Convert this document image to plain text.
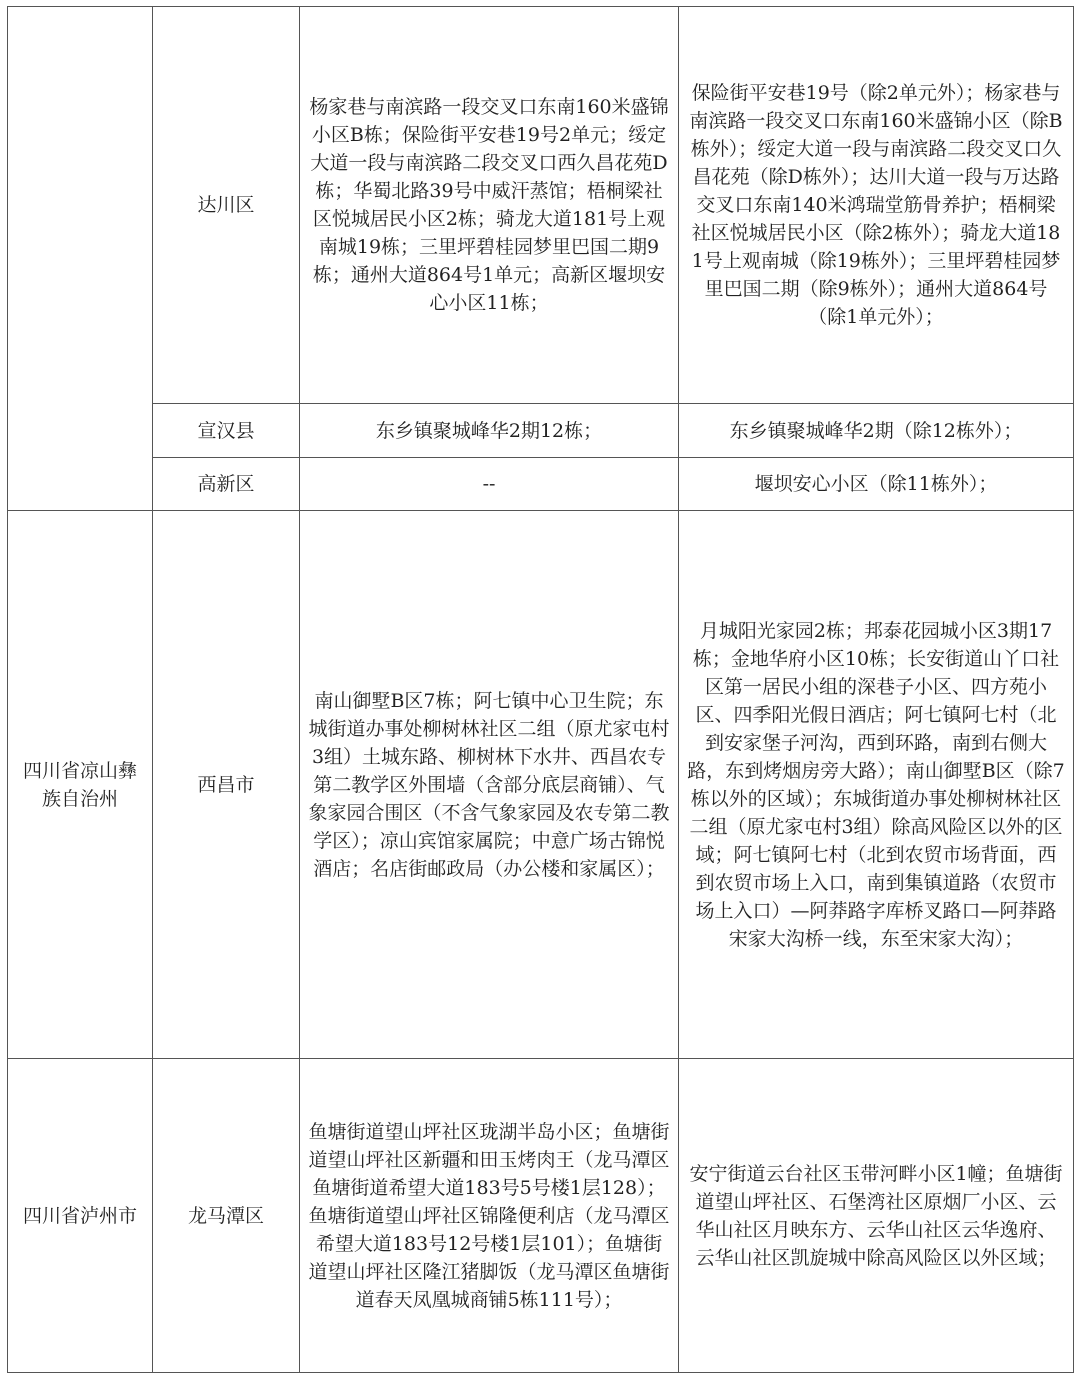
	达川区	杨家巷与南滨路一段交叉口东南160米盛锦小区B栋；保险街平安巷19号2单元；绥定大道一段与南滨路二段交叉口西久昌花苑D栋；华蜀北路39号中威汗蒸馆；梧桐梁社区悦城居民小区2栋；骑龙大道181号上观南城19栋；三里坪碧桂园梦里巴国二期9栋；通州大道864号1单元；高新区堰坝安心小区11栋；	保险街平安巷19号（除2单元外）；杨家巷与南滨路一段交叉口东南160米盛锦小区（除B栋外）；绥定大道一段与南滨路二段交叉口久昌花苑（除D栋外）；达川大道一段与万达路交叉口东南140米鸿瑞堂筋骨养护；梧桐梁社区悦城居民小区（除2栋外）；骑龙大道181号上观南城（除19栋外）；三里坪碧桂园梦里巴国二期（除9栋外）；通州大道864号（除1单元外）；
	宣汉县	东乡镇聚城峰华2期12栋；	东乡镇聚城峰华2期（除12栋外）；
	高新区	--	堰坝安心小区（除11栋外）；
四川省凉山彝族自治州	西昌市	南山御墅B区7栋；阿七镇中心卫生院；东城街道办事处柳树林社区二组（原尤家屯村3组）土城东路、柳树林下水井、西昌农专第二教学区外围墙（含部分底层商铺）、气象家园合围区（不含气象家园及农专第二教学区）；凉山宾馆家属院；中意广场古锦悦酒店；名店街邮政局（办公楼和家属区）；	月城阳光家园2栋；邦泰花园城小区3期17栋；金地华府小区10栋；长安街道山丫口社区第一居民小组的深巷子小区、四方苑小区、四季阳光假日酒店；阿七镇阿七村（北到安家堡子河沟，西到环路，南到右侧大路，东到烤烟房旁大路）；南山御墅B区（除7栋以外的区域）；东城街道办事处柳树林社区二组（原尤家屯村3组）除高风险区以外的区域；阿七镇阿七村（北到农贸市场背面，西到农贸市场上入口，南到集镇道路（农贸市场上入口）—阿莽路字库桥叉路口—阿莽路宋家大沟桥一线，东至宋家大沟）；
四川省泸州市	龙马潭区	鱼塘街道望山坪社区珑湖半岛小区；鱼塘街道望山坪社区新疆和田玉烤肉王（龙马潭区鱼塘街道希望大道183号5号楼1层128）；鱼塘街道望山坪社区锦隆便利店（龙马潭区希望大道183号12号楼1层101）；鱼塘街道望山坪社区隆江猪脚饭（龙马潭区鱼塘街道春天凤凰城商铺5栋111号）；	安宁街道云台社区玉带河畔小区1幢；鱼塘街道望山坪社区、石堡湾社区原烟厂小区、云华山社区月映东方、云华山社区云华逸府、云华山社区凯旋城中除高风险区以外区域；
